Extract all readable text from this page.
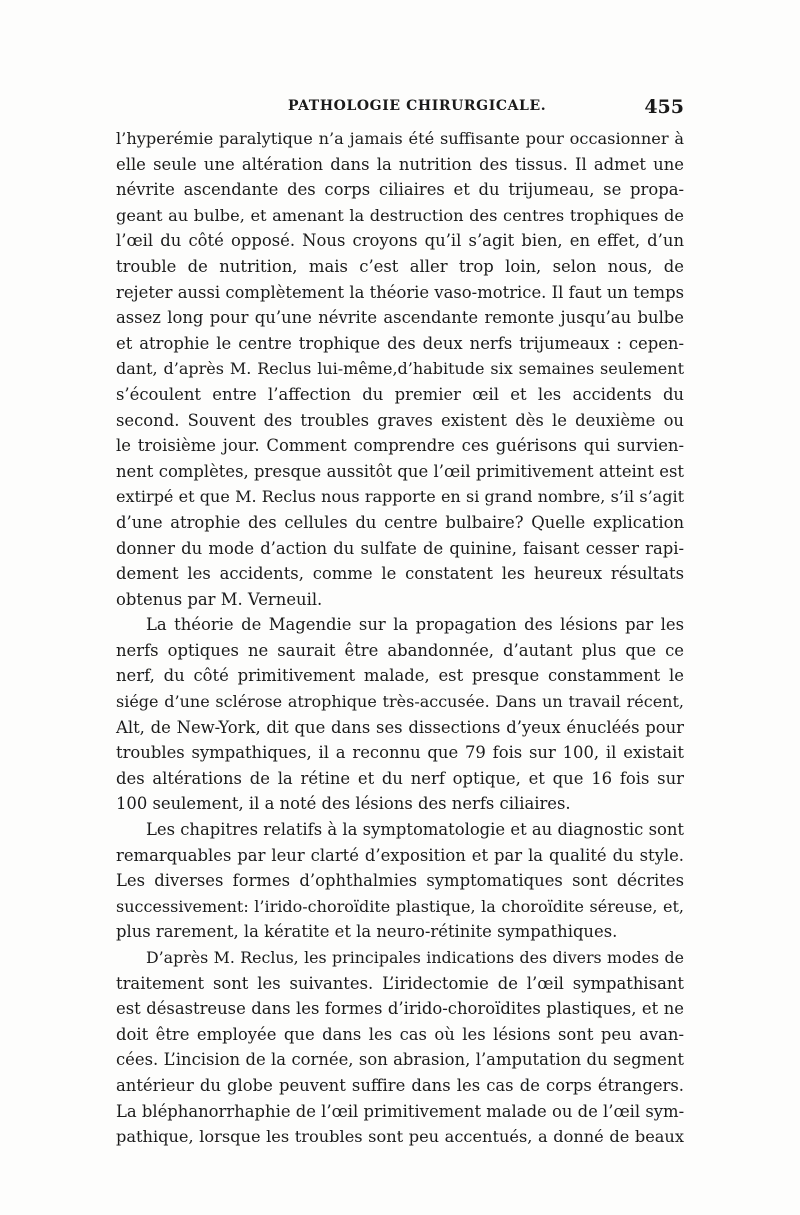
PATHOLOGIE CHIRURGICALE.	455
l’hyperémie paralytique n’a jamais été suffisante pour occasionner à
elle seule une altération dans la nutrition des tissus. Il admet une
névrite ascendante des corps ciliaires et du trijumeau, se propa-
geant au bulbe, et amenant la destruction des centres trophiques de
l’œil du côté opposé. Nous croyons qu’il s’agit bien, en effet, d’un
trouble de nutrition, mais c’est aller trop loin, selon nous, de
rejeter aussi complètement la théorie vaso-motrice. Il faut un temps
assez long pour qu’une névrite ascendante remonte jusqu’au bulbe
et atrophie le centre trophique des deux nerfs trijumeaux : cepen-
dant, d’après M. Reclus lui-même,d’habitude six semaines seulement
s’écoulent entre l’affection du premier œil et les accidents du
second. Souvent des troubles graves existent dès le deuxième ou
le troisième jour. Comment comprendre ces guérisons qui survien-
nent complètes, presque aussitôt que l’œil primitivement atteint est
extirpé et que M. Reclus nous rapporte en si grand nombre, s’il s’agit
d’une atrophie des cellules du centre bulbaire? Quelle explication
donner du mode d’action du sulfate de quinine, faisant cesser rapi-
dement les accidents, comme le constatent les heureux résultats
obtenus par M. Verneuil.
La théorie de Magendie sur la propagation des lésions par les
nerfs optiques ne saurait être abandonnée, d’autant plus que ce
nerf, du côté primitivement malade, est presque constamment le
siége d’une sclérose atrophique très-accusée. Dans un travail récent,
Alt, de New-York, dit que dans ses dissections d’yeux énucléés pour
troubles sympathiques, il a reconnu que 79 fois sur 100, il existait
des altérations de la rétine et du nerf optique, et que 16 fois sur
100 seulement, il a noté des lésions des nerfs ciliaires.
Les chapitres relatifs à la symptomatologie et au diagnostic sont
remarquables par leur clarté d’exposition et par la qualité du style.
Les diverses formes d’ophthalmies symptomatiques sont décrites
successivement: l’irido-choroïdite plastique, la choroïdite séreuse, et,
plus rarement, la kératite et la neuro-rétinite sympathiques.
D’après M. Reclus, les principales indications des divers modes de
traitement sont les suivantes. L’iridectomie de l’œil sympathisant
est désastreuse dans les formes d’irido-choroïdites plastiques, et ne
doit être employée que dans les cas où les lésions sont peu avan-
cées. L’incision de la cornée, son abrasion, l’amputation du segment
antérieur du globe peuvent suffire dans les cas de corps étrangers.
La bléphanorrhaphie de l’œil primitivement malade ou de l’œil sym-
pathique, lorsque les troubles sont peu accentués, a donné de beaux
